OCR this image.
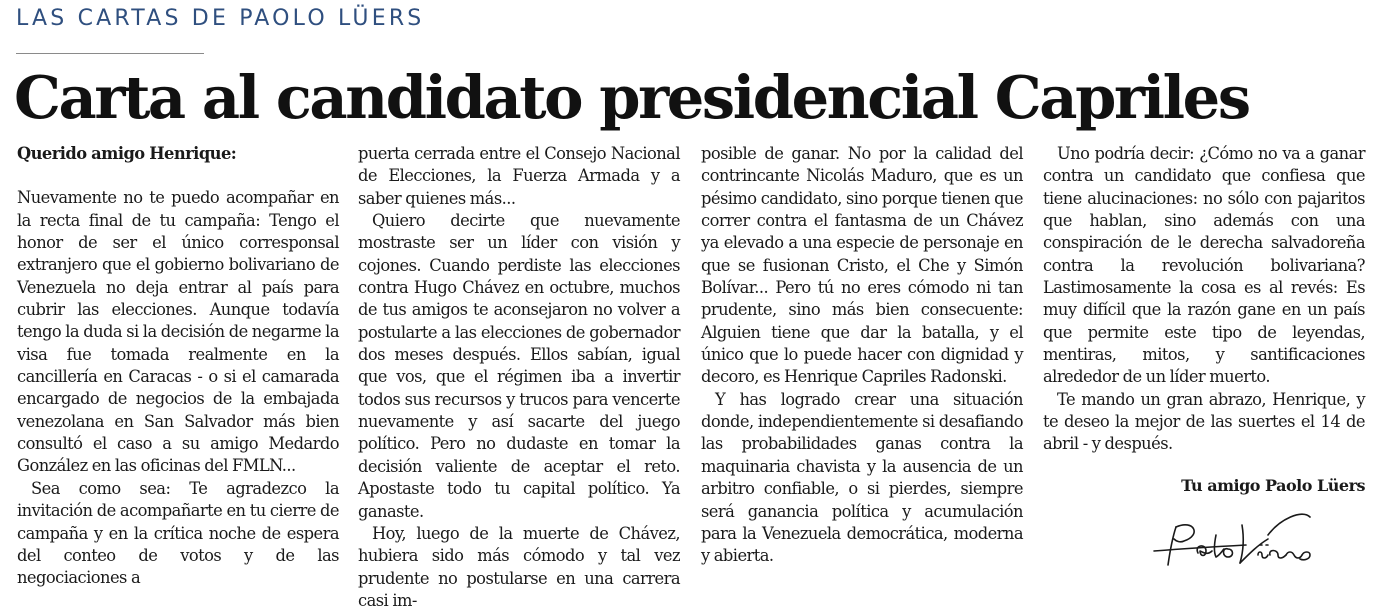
LAS CARTAS DE PAOLO LÜERS
Carta al candidato presidencial Capriles

Querido amigo Henrique:

Nuevamente no te puedo acompañar en la recta final de tu campaña: Tengo el honor de ser el único corresponsal extranjero que el gobierno bolivariano de Venezuela no deja entrar al país para cubrir las elecciones. Aunque todavía tengo la duda si la decisión de negarme la visa fue tomada realmente en la cancillería en Caracas - o si el camarada encargado de negocios de la embajada venezolana en San Salvador más bien consultó el caso a su amigo Medardo González en las oficinas del FMLN...

Sea como sea: Te agradezco la invitación de acompañarte en tu cierre de campaña y en la crítica noche de espera del conteo de votos y de las negociaciones a

puerta cerrada entre el Consejo Nacional de Elecciones, la Fuerza Armada y a saber quienes más...

Quiero decirte que nuevamente mostraste ser un líder con visión y cojones. Cuando perdiste las elecciones contra Hugo Chávez en octubre, muchos de tus amigos te aconsejaron no volver a postularte a las elecciones de gobernador dos meses después. Ellos sabían, igual que vos, que el régimen iba a invertir todos sus recursos y trucos para vencerte nuevamente y así sacarte del juego político. Pero no dudaste en tomar la decisión valiente de aceptar el reto. Apostaste todo tu capital político. Ya ganaste.

Hoy, luego de la muerte de Chávez, hubiera sido más cómodo y tal vez prudente no postularse en una carrera casi im-

posible de ganar. No por la calidad del contrincante Nicolás Maduro, que es un pésimo candidato, sino porque tienen que correr contra el fantasma de un Chávez ya elevado a una especie de personaje en que se fusionan Cristo, el Che y Simón Bolívar... Pero tú no eres cómodo ni tan prudente, sino más bien consecuente: Alguien tiene que dar la batalla, y el único que lo puede hacer con dignidad y decoro, es Henrique Capriles Radonski.

Y has logrado crear una situación donde, independientemente si desafiando las probabilidades ganas contra la maquinaria chavista y la ausencia de un arbitro confiable, o si pierdes, siempre será ganancia política y acumulación para la Venezuela democrática, moderna y abierta.

Uno podría decir: ¿Cómo no va a ganar contra un candidato que confiesa que tiene alucinaciones: no sólo con pajaritos que hablan, sino además con una conspiración de le derecha salvadoreña contra la revolución bolivariana? Lastimosamente la cosa es al revés: Es muy difícil que la razón gane en un país que permite este tipo de leyendas, mentiras, mitos, y santificaciones alrededor de un líder muerto.

Te mando un gran abrazo, Henrique, y te deseo la mejor de las suertes el 14 de abril - y después.

Tu amigo Paolo Lüers
